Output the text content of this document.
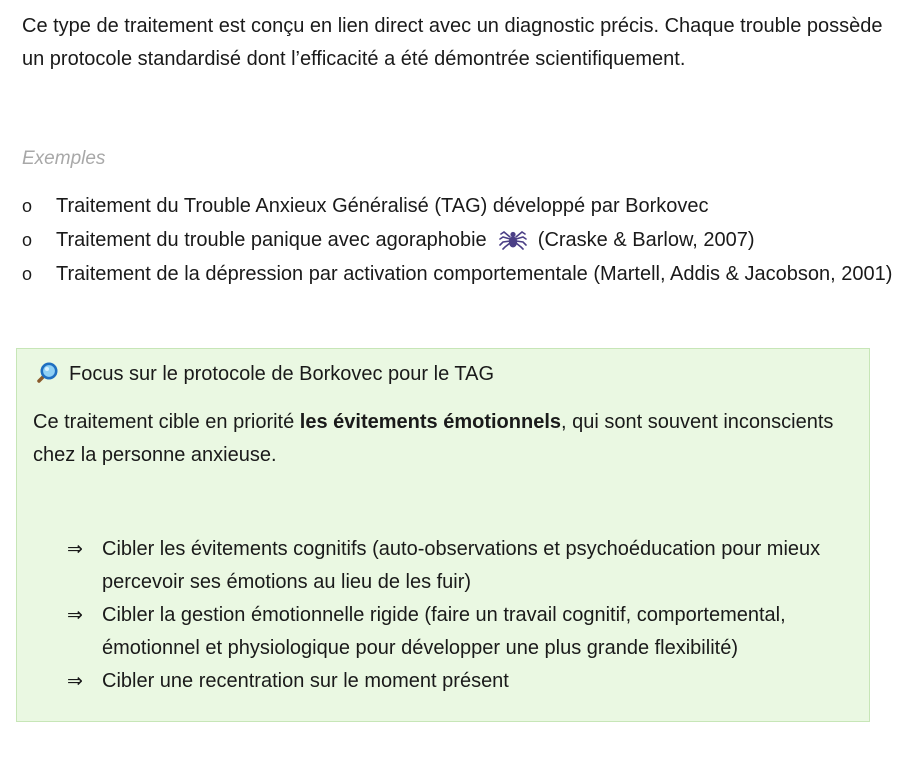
Ce type de traitement est conçu en lien direct avec un diagnostic précis. Chaque trouble possède un protocole standardisé dont l’efficacité a été démontrée scientifiquement.

Exemples
o	Traitement du Trouble Anxieux Généralisé (TAG) développé par Borkovec
o	Traitement du trouble panique avec agoraphobie	(Craske & Barlow, 2007)
o	Traitement de la dépression par activation comportementale (Martell, Addis & Jacobson, 2001)
Focus sur le protocole de Borkovec pour le TAG
Ce traitement cible en priorité les évitements émotionnels, qui sont souvent inconscients chez la personne anxieuse.
⇒ Cibler les évitements cognitifs (auto-observations et psychoéducation pour mieux percevoir ses émotions au lieu de les fuir)
⇒ Cibler la gestion émotionnelle rigide (faire un travail cognitif, comportemental, émotionnel et physiologique pour développer une plus grande flexibilité)
⇒ Cibler une recentration sur le moment présent
